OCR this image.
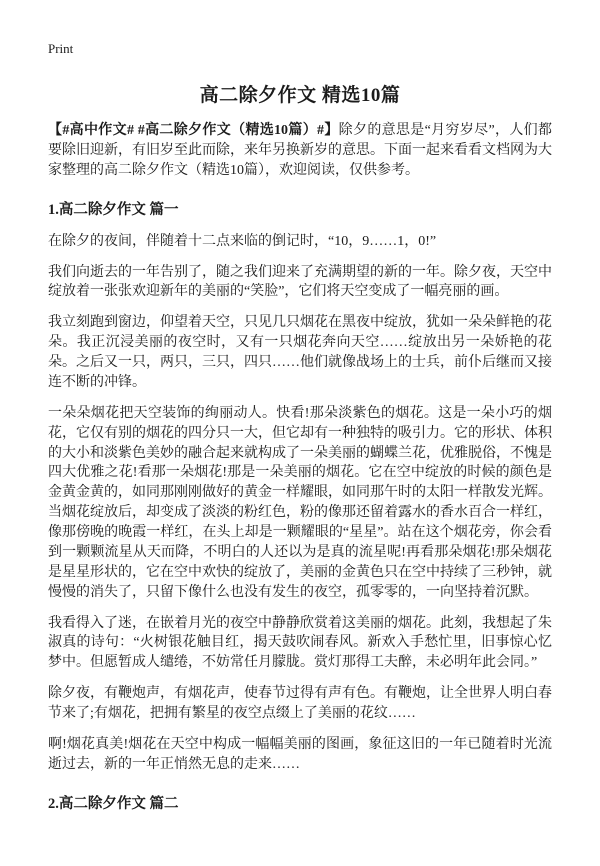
Print
高二除夕作文 精选10篇

【#高中作文# #高二除夕作文（精选10篇）#】除夕的意思是“月穷岁尽”，人们都要除旧迎新，有旧岁至此而除，来年另换新岁的意思。下面一起来看看文档网为大家整理的高二除夕作文（精选10篇），欢迎阅读，仅供参考。

1.高二除夕作文 篇一

在除夕的夜间，伴随着十二点来临的倒记时，“10，9……1，0!”

我们向逝去的一年告别了，随之我们迎来了充满期望的新的一年。除夕夜，天空中绽放着一张张欢迎新年的美丽的“笑脸”，它们将天空变成了一幅亮丽的画。

我立刻跑到窗边，仰望着天空，只见几只烟花在黑夜中绽放，犹如一朵朵鲜艳的花朵。我正沉浸美丽的夜空时，又有一只烟花奔向天空……绽放出另一朵娇艳的花朵。之后又一只，两只，三只，四只……他们就像战场上的士兵，前仆后继而又接连不断的冲锋。

一朵朵烟花把天空装饰的绚丽动人。快看!那朵淡紫色的烟花。这是一朵小巧的烟花，它仅有别的烟花的四分只一大，但它却有一种独特的吸引力。它的形状、体积的大小和淡紫色美妙的融合起来就构成了一朵美丽的蝴蝶兰花，优雅脱俗，不愧是四大优雅之花!看那一朵烟花!那是一朵美丽的烟花。它在空中绽放的时候的颜色是金黄金黄的，如同那刚刚做好的黄金一样耀眼，如同那午时的太阳一样散发光辉。当烟花绽放后，却变成了淡淡的粉红色，粉的像那还留着露水的香水百合一样红，像那傍晚的晚霞一样红，在头上却是一颗耀眼的“星星”。站在这个烟花旁，你会看到一颗颗流星从天而降，不明白的人还以为是真的流星呢!再看那朵烟花!那朵烟花是星星形状的，它在空中欢快的绽放了，美丽的金黄色只在空中持续了三秒钟，就慢慢的消失了，只留下像什么也没有发生的夜空，孤零零的，一向坚持着沉默。

我看得入了迷，在嵌着月光的夜空中静静欣赏着这美丽的烟花。此刻，我想起了朱淑真的诗句：“火树银花触目红，揭天鼓吹闹春风。新欢入手愁忙里，旧事惊心忆梦中。但愿暂成人缱绻，不妨常任月朦胧。赏灯那得工夫醉，未必明年此会同。”

除夕夜，有鞭炮声，有烟花声，使春节过得有声有色。有鞭炮，让全世界人明白春节来了;有烟花，把拥有繁星的夜空点缀上了美丽的花纹……

啊!烟花真美!烟花在天空中构成一幅幅美丽的图画，象征这旧的一年已随着时光流逝过去，新的一年正悄然无息的走来……

2.高二除夕作文 篇二
